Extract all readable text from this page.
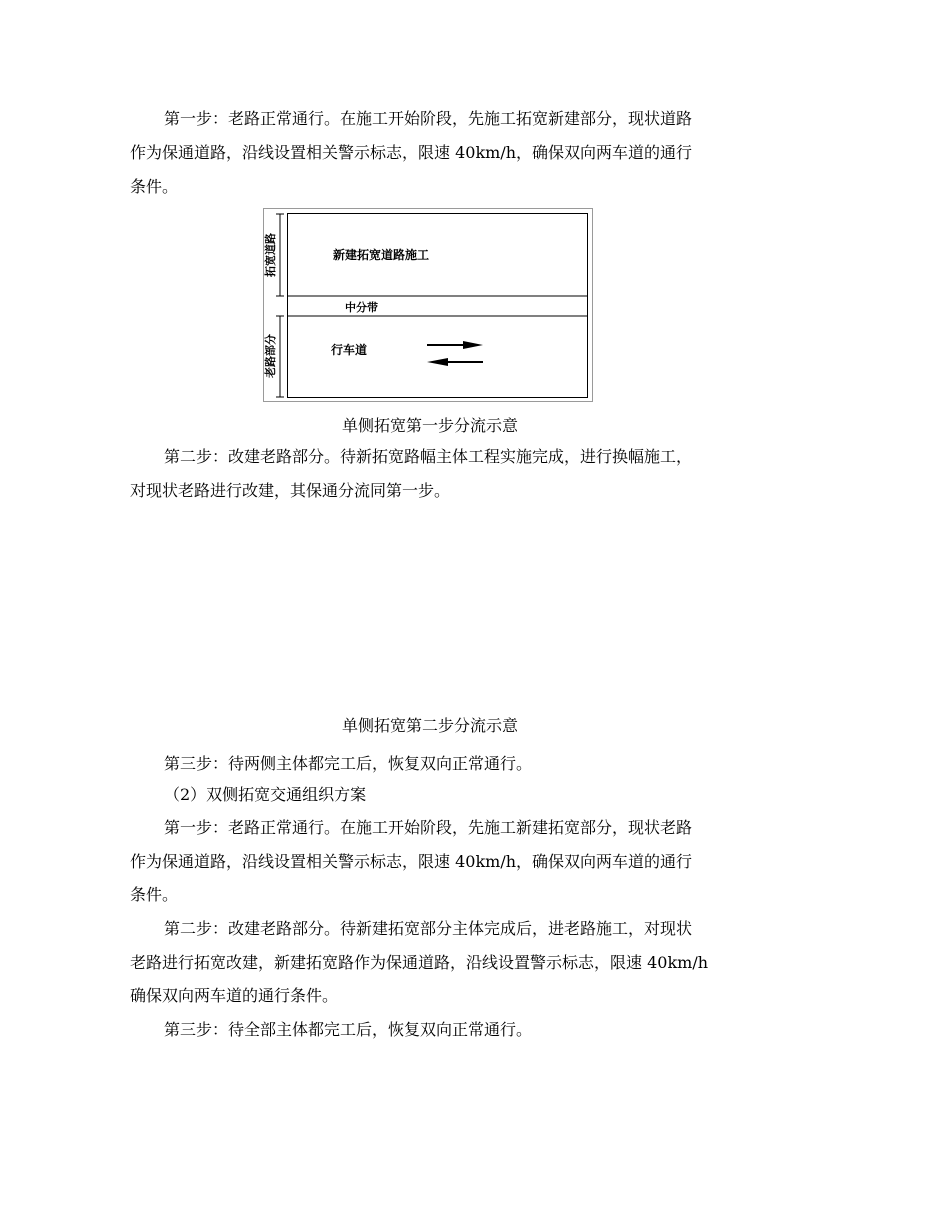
第一步：老路正常通行。在施工开始阶段，先施工拓宽新建部分，现状道路
作为保通道路，沿线设置相关警示标志，限速 40km/h，确保双向两车道的通行
条件。
拓宽道路
老路部分
新建拓宽道路施工
中分带
行车道
单侧拓宽第一步分流示意
第二步：改建老路部分。待新拓宽路幅主体工程实施完成，进行换幅施工，
对现状老路进行改建，其保通分流同第一步。
单侧拓宽第二步分流示意
第三步：待两侧主体都完工后，恢复双向正常通行。
（2）双侧拓宽交通组织方案
第一步：老路正常通行。在施工开始阶段，先施工新建拓宽部分，现状老路
作为保通道路，沿线设置相关警示标志，限速 40km/h，确保双向两车道的通行
条件。
第二步：改建老路部分。待新建拓宽部分主体完成后，进老路施工，对现状
老路进行拓宽改建，新建拓宽路作为保通道路，沿线设置警示标志，限速 40km/h
确保双向两车道的通行条件。
第三步：待全部主体都完工后，恢复双向正常通行。
